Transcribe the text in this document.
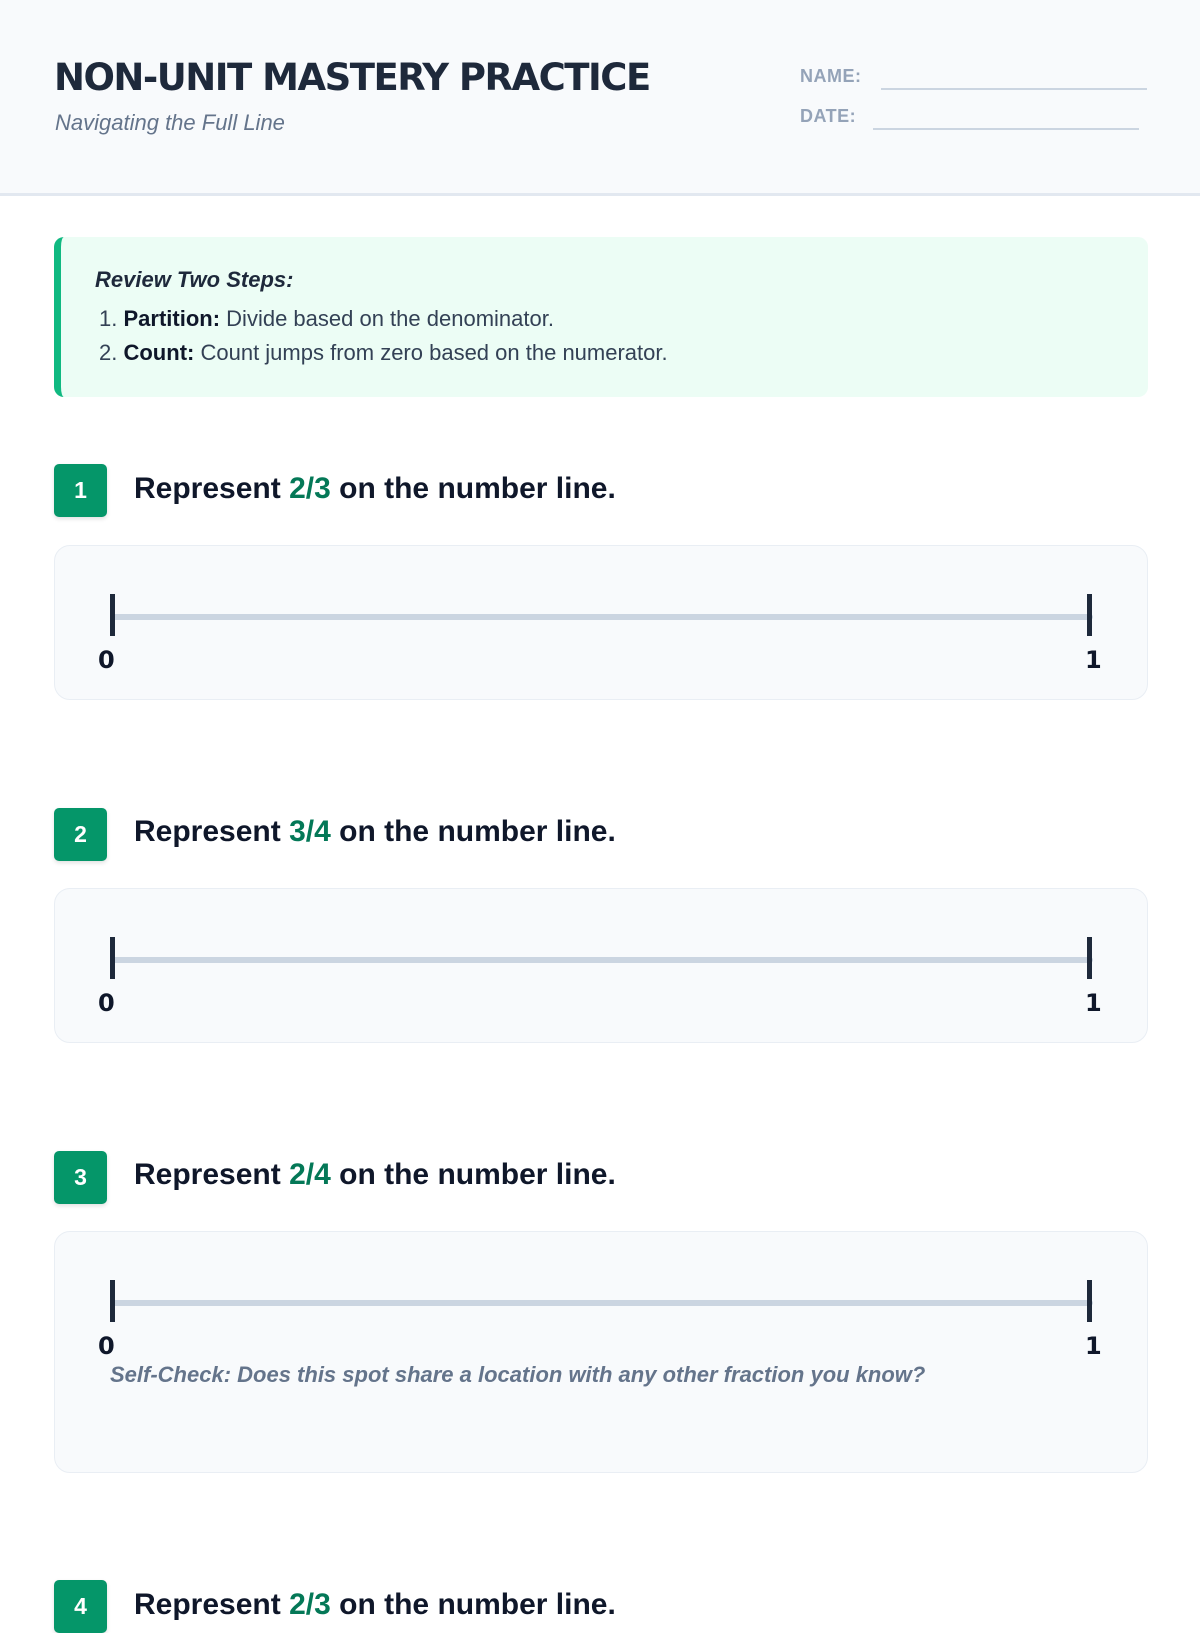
NON-UNIT MASTERY PRACTICE
Navigating the Full Line
NAME:
DATE:
Review Two Steps:
1. Partition: Divide based on the denominator.
2. Count: Count jumps from zero based on the numerator.
1	Represent 2/3 on the number line.
0	1
2	Represent 3/4 on the number line.
0	1
3	Represent 2/4 on the number line.
0	1
Self-Check: Does this spot share a location with any other fraction you know?
4	Represent 2/3 on the number line.
